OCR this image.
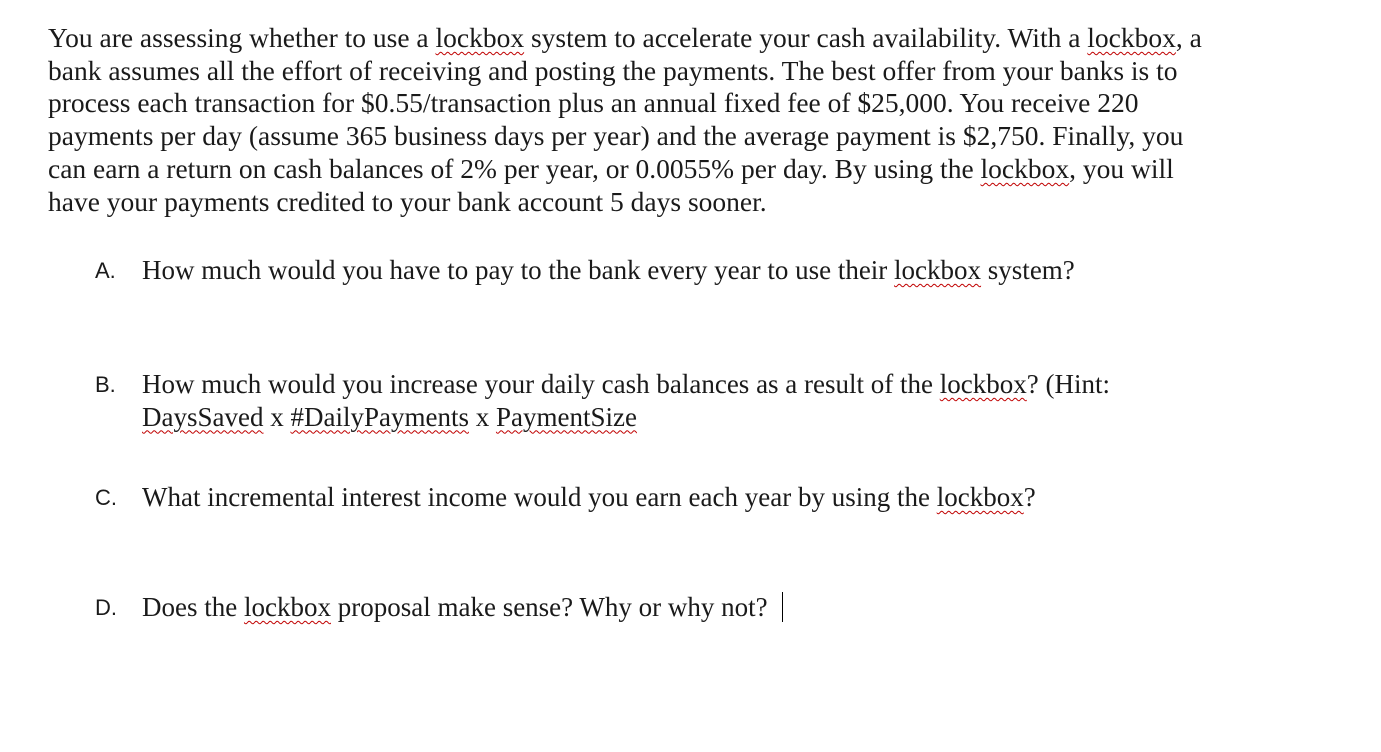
You are assessing whether to use a lockbox system to accelerate your cash availability. With a lockbox, a
bank assumes all the effort of receiving and posting the payments. The best offer from your banks is to
process each transaction for $0.55/transaction plus an annual fixed fee of $25,000. You receive 220
payments per day (assume 365 business days per year) and the average payment is $2,750. Finally, you
can earn a return on cash balances of 2% per year, or 0.0055% per day. By using the lockbox, you will
have your payments credited to your bank account 5 days sooner.

A. How much would you have to pay to the bank every year to use their lockbox system?
B. How much would you increase your daily cash balances as a result of the lockbox? (Hint:
DaysSaved x #DailyPayments x PaymentSize
C. What incremental interest income would you earn each year by using the lockbox?
D. Does the lockbox proposal make sense? Why or why not?
